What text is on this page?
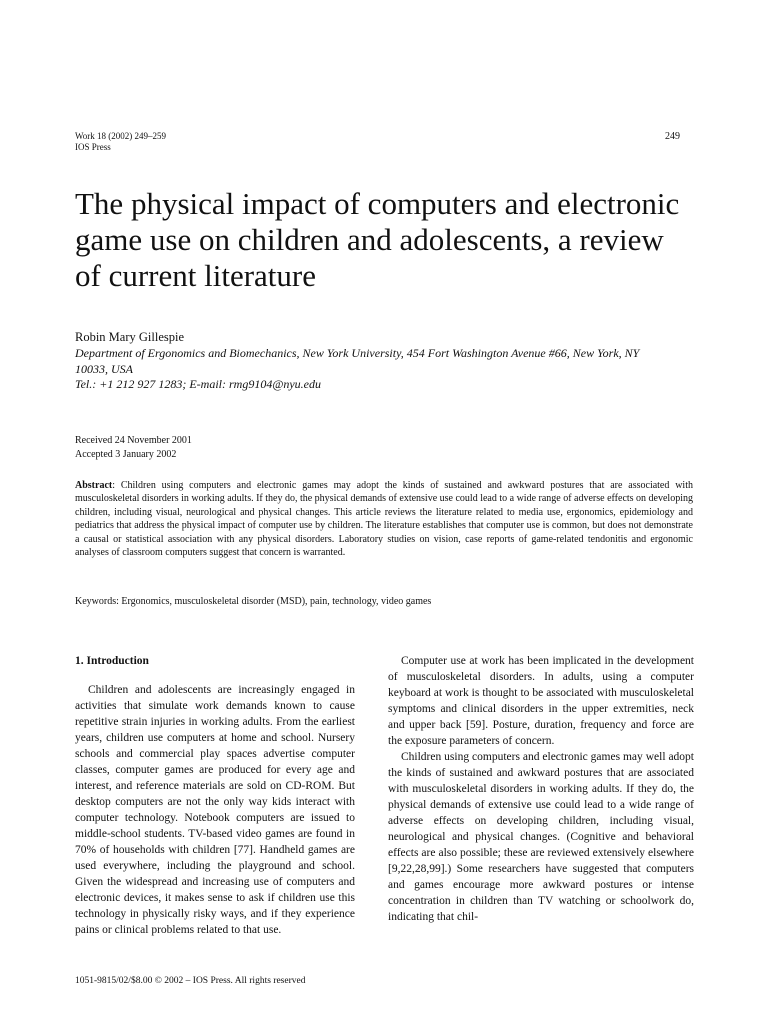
Work 18 (2002) 249–259
IOS Press
249
The physical impact of computers and electronic game use on children and adolescents, a review of current literature
Robin Mary Gillespie
Department of Ergonomics and Biomechanics, New York University, 454 Fort Washington Avenue #66, New York, NY 10033, USA
Tel.: +1 212 927 1283; E-mail: rmg9104@nyu.edu
Received 24 November 2001
Accepted 3 January 2002
Abstract: Children using computers and electronic games may adopt the kinds of sustained and awkward postures that are associated with musculoskeletal disorders in working adults. If they do, the physical demands of extensive use could lead to a wide range of adverse effects on developing children, including visual, neurological and physical changes. This article reviews the literature related to media use, ergonomics, epidemiology and pediatrics that address the physical impact of computer use by children. The literature establishes that computer use is common, but does not demonstrate a causal or statistical association with any physical disorders. Laboratory studies on vision, case reports of game-related tendonitis and ergonomic analyses of classroom computers suggest that concern is warranted.
Keywords: Ergonomics, musculoskeletal disorder (MSD), pain, technology, video games

1. Introduction

Children and adolescents are increasingly engaged in activities that simulate work demands known to cause repetitive strain injuries in working adults. From the earliest years, children use computers at home and school. Nursery schools and commercial play spaces advertise computer classes, computer games are produced for every age and interest, and reference materials are sold on CD-ROM. But desktop computers are not the only way kids interact with computer technology. Notebook computers are issued to middle-school students. TV-based video games are found in 70% of households with children [77]. Handheld games are used everywhere, including the playground and school. Given the widespread and increasing use of computers and electronic devices, it makes sense to ask if children use this technology in physically risky ways, and if they experience pains or clinical problems related to that use.

Computer use at work has been implicated in the development of musculoskeletal disorders. In adults, using a computer keyboard at work is thought to be associated with musculoskeletal symptoms and clinical disorders in the upper extremities, neck and upper back [59]. Posture, duration, frequency and force are the exposure parameters of concern.

Children using computers and electronic games may well adopt the kinds of sustained and awkward postures that are associated with musculoskeletal disorders in working adults. If they do, the physical demands of extensive use could lead to a wide range of adverse effects on developing children, including visual, neurological and physical changes. (Cognitive and behavioral effects are also possible; these are reviewed extensively elsewhere [9,22,28,99].) Some researchers have suggested that computers and games encourage more awkward postures or intense concentration in children than TV watching or schoolwork do, indicating that chil-

1051-9815/02/$8.00 © 2002 – IOS Press. All rights reserved
